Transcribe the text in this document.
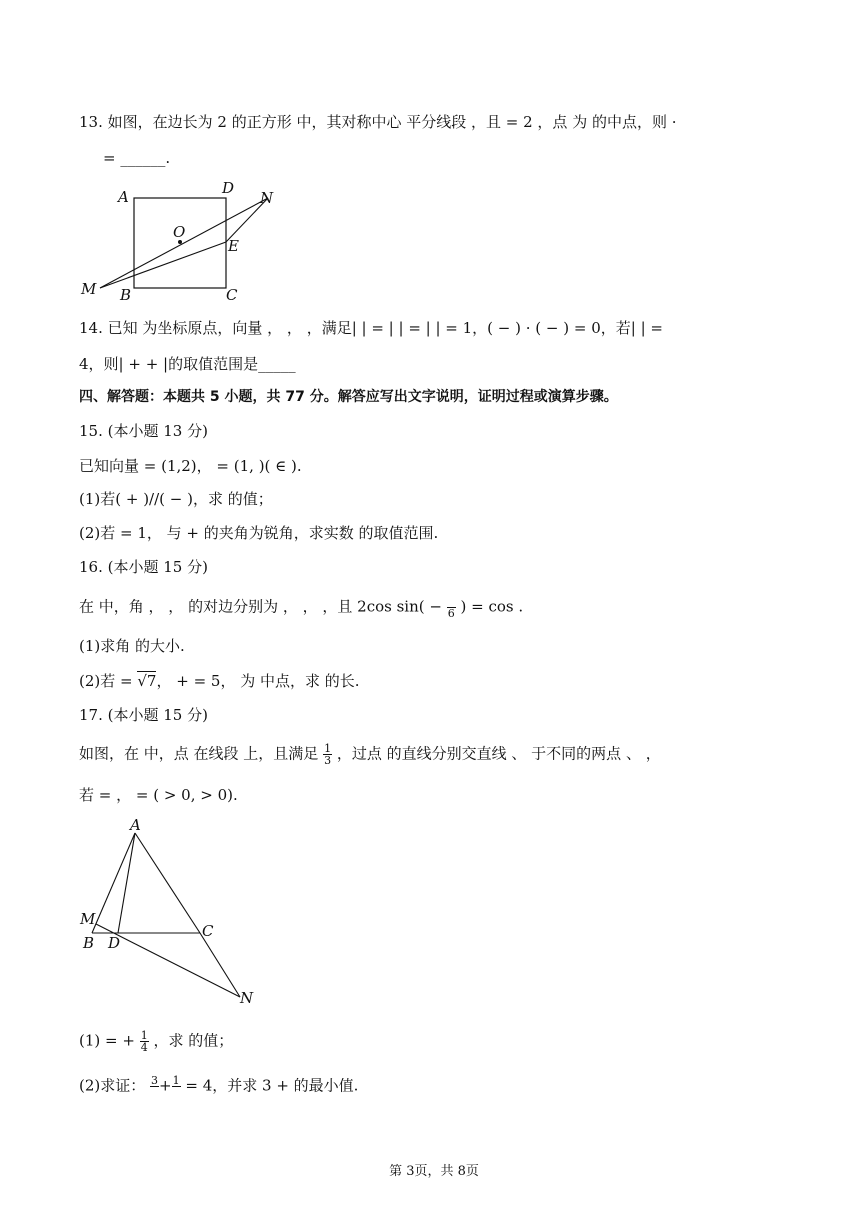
13. 如图，在边长为 2 的正方形 中，其对称中心 平分线段 ，且 = 2 ，点 为 的中点，则 ·
= ______.
A	D
N
O
E
M B	C
14. 已知 为坐标原点，向量 ， ， ，满足| | = | | = | | = 1，( − ) · ( − ) = 0，若| | =
4，则| + + |的取值范围是_____
四、解答题：本题共 5 小题，共 77 分。解答应写出文字说明，证明过程或演算步骤。
15. (本小题 13 分)
已知向量 = (1,2)， = (1, )( ∈ ).
(1)若( + )//( − )，求 的值；
(2)若 = 1， 与 + 的夹角为锐角，求实数 的取值范围.
16. (本小题 15 分)
在 中，角 ， ， 的对边分别为 ， ， ，且 2cos sin( −
6 ) = cos .
(1)求角 的大小.
(2)若 = √7， + = 5， 为 中点，求 的长.
17. (本小题 15 分)
如图，在 中，点 在线段 上，且满足 $\frac{1}{3}$ ，过点 的直线分别交直线 、 于不同的两点 、 ，
若 = ， = ( > 0, > 0).
A
M
B D
C
N
(1) = + $\frac{1}{4}$ ，求 的值；
(2)求证： 3
+ 1
= 4，并求 3 + 的最小值.
第 3页，共 8页
